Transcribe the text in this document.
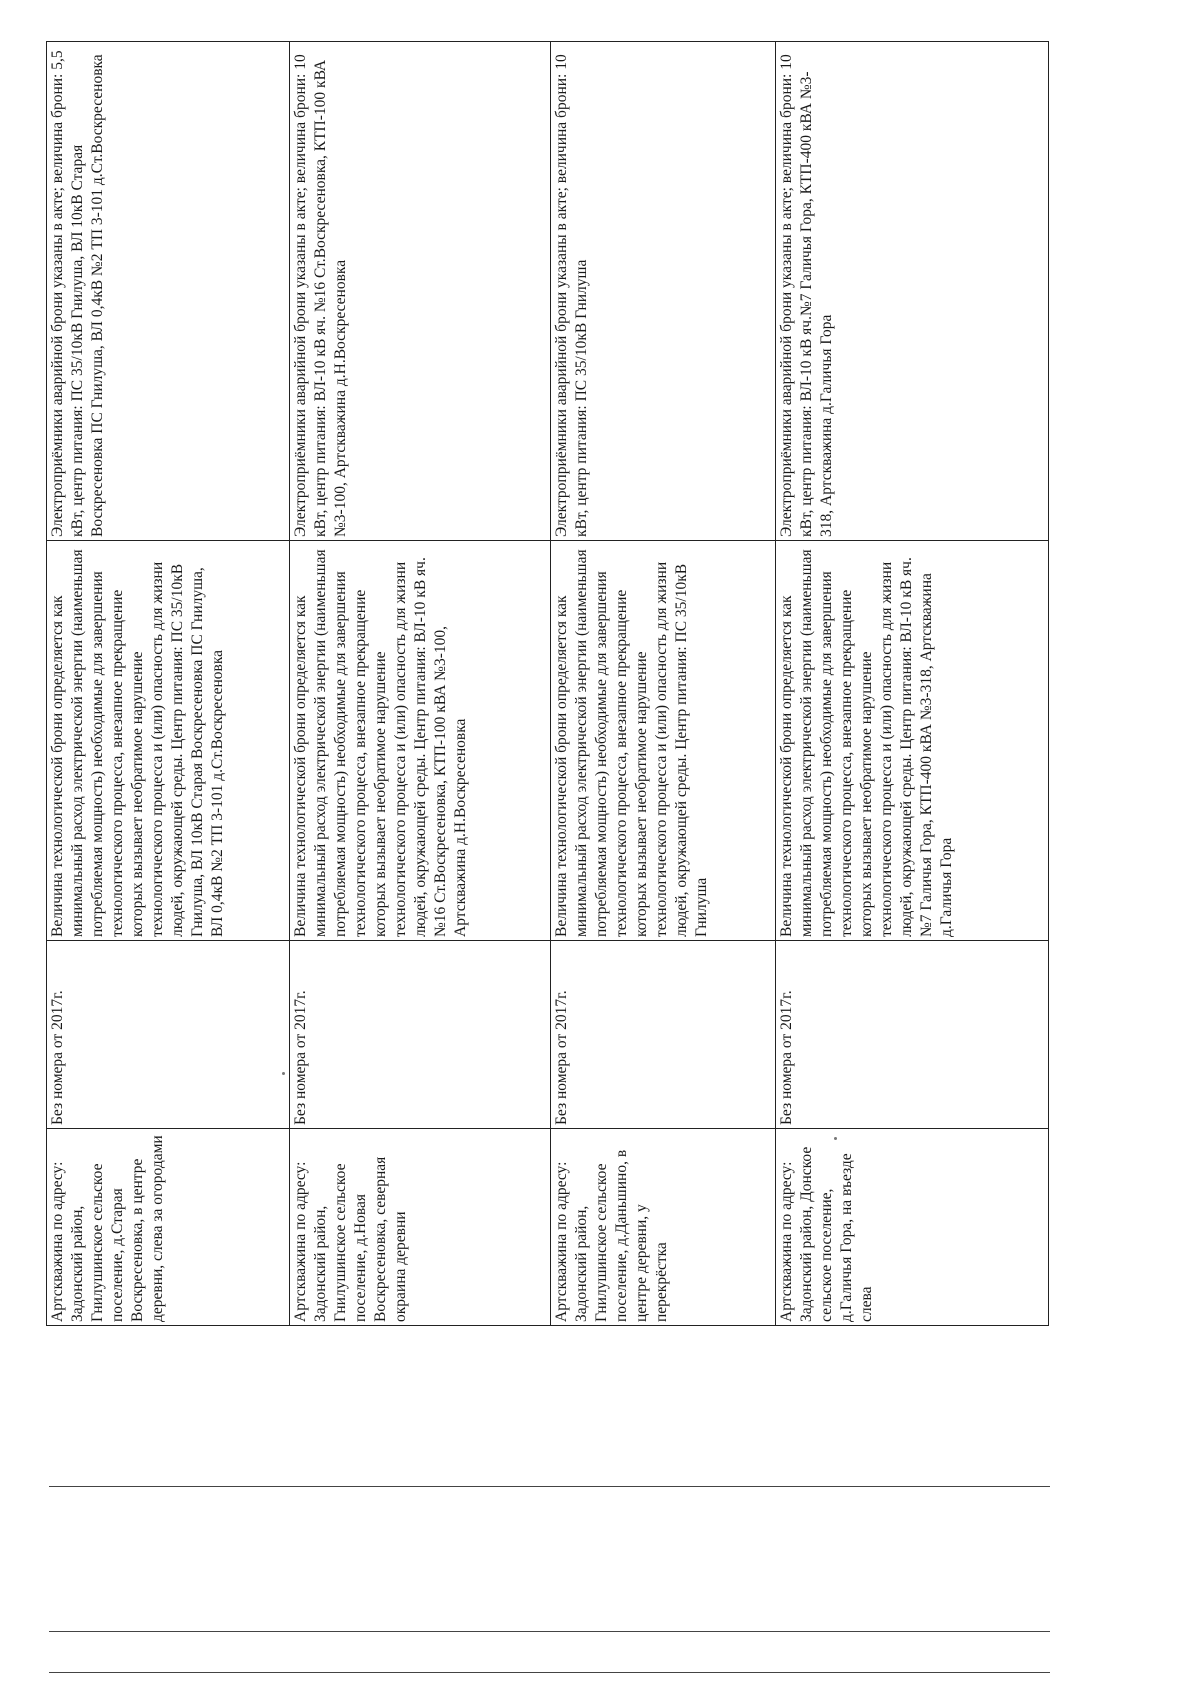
Артскважина по адресу: Задонский район, Гнилушинское сельское поселение, д.Старая Воскресеновка, в центре деревни, слева за огородами	Без номера от 2017г.	Величина технологической брони определяется как минимальный расход электрической энергии (наименьшая потребляемая мощность) необходимые для завершения технологического процесса, внезапное прекращение которых вызывает необратимое нарушение технологического процесса и (или) опасность для жизни людей, окружающей среды. Центр питания: ПС 35/10кВ Гнилуша, ВЛ 10кВ Старая Воскресеновка ПС Гнилуша, ВЛ 0,4кВ №2 ТП 3-101 д.Ст.Воскресеновка	Электроприёмники аварийной брони указаны в акте; величина брони: 5,5 кВт, центр питания: ПС 35/10кВ Гнилуша, ВЛ 10кВ Старая Воскресеновка ПС Гнилуша, ВЛ 0,4кВ №2 ТП 3-101 д.Ст.Воскресеновка
Артскважина по адресу: Задонский район, Гнилушинское сельское поселение, д.Новая Воскресеновка, северная окраина деревни	Без номера от 2017г.	Величина технологической брони определяется как минимальный расход электрической энергии (наименьшая потребляемая мощность) необходимые для завершения технологического процесса, внезапное прекращение которых вызывает необратимое нарушение технологического процесса и (или) опасность для жизни людей, окружающей среды. Центр питания: ВЛ-10 кВ яч. №16 Ст.Воскресеновка, КТП-100 кВА №3-100, Артскважина д.Н.Воскресеновка	Электроприёмники аварийной брони указаны в акте; величина брони: 10 кВт, центр питания: ВЛ-10 кВ яч. №16 Ст.Воскресеновка, КТП-100 кВА №3-100, Артскважина д.Н.Воскресеновка
Артскважина по адресу: Задонский район, Гнилушинское сельское поселение, д.Даньшино, в центре деревни, у перекрёстка	Без номера от 2017г.	Величина технологической брони определяется как минимальный расход электрической энергии (наименьшая потребляемая мощность) необходимые для завершения технологического процесса, внезапное прекращение которых вызывает необратимое нарушение технологического процесса и (или) опасность для жизни людей, окружающей среды. Центр питания: ПС 35/10кВ Гнилуша	Электроприёмники аварийной брони указаны в акте; величина брони: 10 кВт, центр питания: ПС 35/10кВ Гнилуша
Артскважина по адресу: Задонский район, Донское сельское поселение, д.Галичья Гора, на въезде слева	Без номера от 2017г.	Величина технологической брони определяется как минимальный расход электрической энергии (наименьшая потребляемая мощность) необходимые для завершения технологического процесса, внезапное прекращение которых вызывает необратимое нарушение технологического процесса и (или) опасность для жизни людей, окружающей среды. Центр питания: ВЛ-10 кВ яч.№7 Галичья Гора, КТП-400 кВА №3-318, Артскважина д.Галичья Гора	Электроприёмники аварийной брони указаны в акте; величина брони: 10 кВт, центр питания: ВЛ-10 кВ яч.№7 Галичья Гора, КТП-400 кВА №3-318, Артскважина д.Галичья Гора
